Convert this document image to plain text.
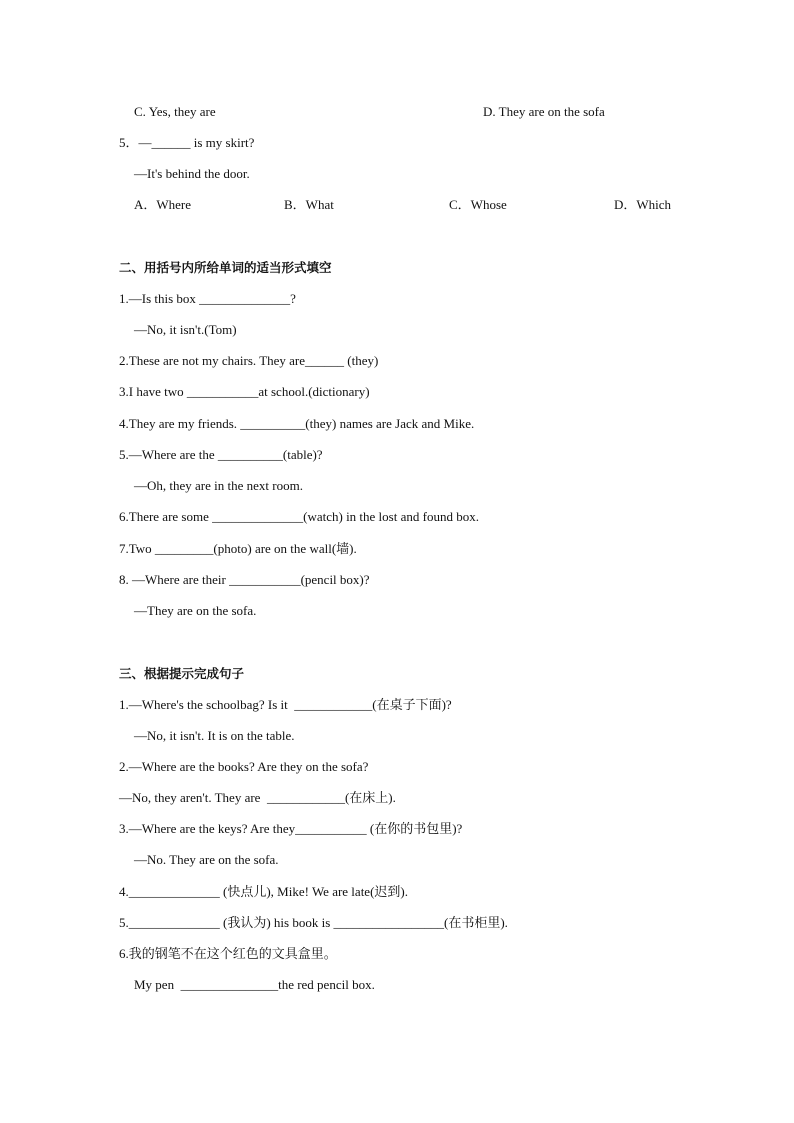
C. Yes, they are	D. They are on the sofa
5．—______ is my skirt?
—It's behind the door.
A．Where	B．What	C．Whose	D．Which
二、用括号内所给单词的适当形式填空
1.—Is this box ______________?
—No, it isn't.(Tom)
2.These are not my chairs. They are______ (they)
3.I have two ___________at school.(dictionary)
4.They are my friends. __________(they) names are Jack and Mike.
5.—Where are the __________(table)?
—Oh, they are in the next room.
6.There are some ______________(watch) in the lost and found box.
7.Two _________(photo) are on the wall(墙).
8. —Where are their ___________(pencil box)?
—They are on the sofa.
三、根据提示完成句子
1.—Where's the schoolbag? Is it  ____________(在桌子下面)?
—No, it isn't. It is on the table.
2.—Where are the books? Are they on the sofa?
—No, they aren't. They are  ____________(在床上).
3.—Where are the keys? Are they___________ (在你的书包里)?
—No. They are on the sofa.
4.______________ (快点儿), Mike! We are late(迟到).
5.______________ (我认为) his book is _________________(在书柜里).
6.我的钢笔不在这个红色的文具盒里。
My pen  _______________the red pencil box.
